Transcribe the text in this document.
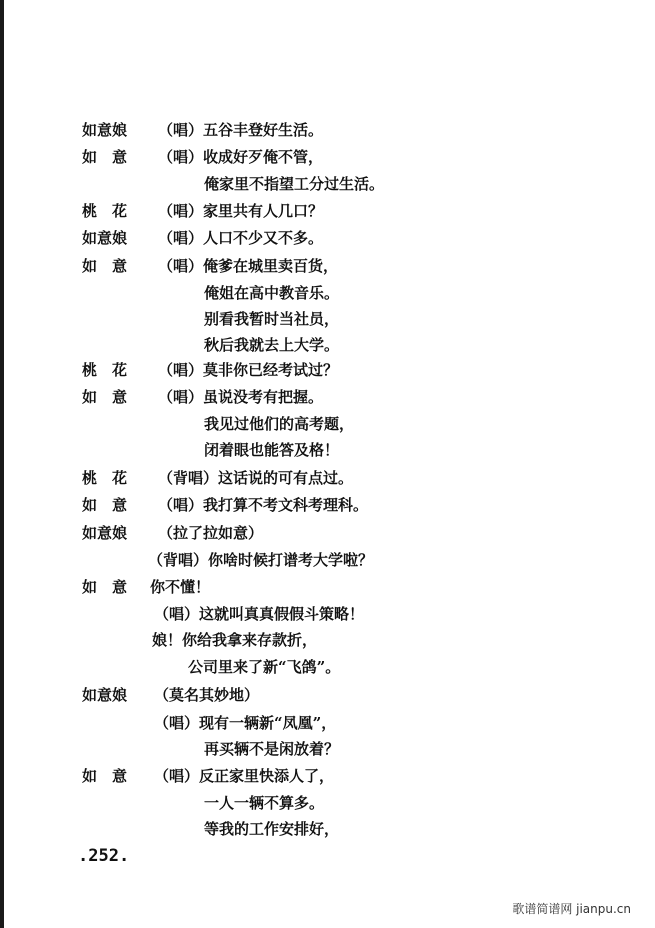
如意娘	（唱）五谷丰登好生活。
如　意	（唱）收成好歹俺不管，
俺家里不指望工分过生活。
桃　花	（唱）家里共有人几口？
如意娘	（唱）人口不少又不多。
如　意	（唱）俺爹在城里卖百货，
俺姐在高中教音乐。
别看我暂时当社员，
秋后我就去上大学。
桃　花	（唱）莫非你已经考试过？
如　意	（唱）虽说没考有把握。
我见过他们的高考题，
闭着眼也能答及格！
桃　花	（背唱）这话说的可有点过。
如　意	（唱）我打算不考文科考理科。
如意娘	（拉了拉如意）
（背唱）你啥时候打谱考大学啦？
如　意	你不懂！
（唱）这就叫真真假假斗策略！
娘！你给我拿来存款折，
公司里来了新“飞鸽”。
如意娘	（莫名其妙地）
（唱）现有一辆新“凤凰”，
再买辆不是闲放着？
如　意	（唱）反正家里快添人了，
一人一辆不算多。
等我的工作安排好，
.252.
歌谱简谱网 jianpu.cn
